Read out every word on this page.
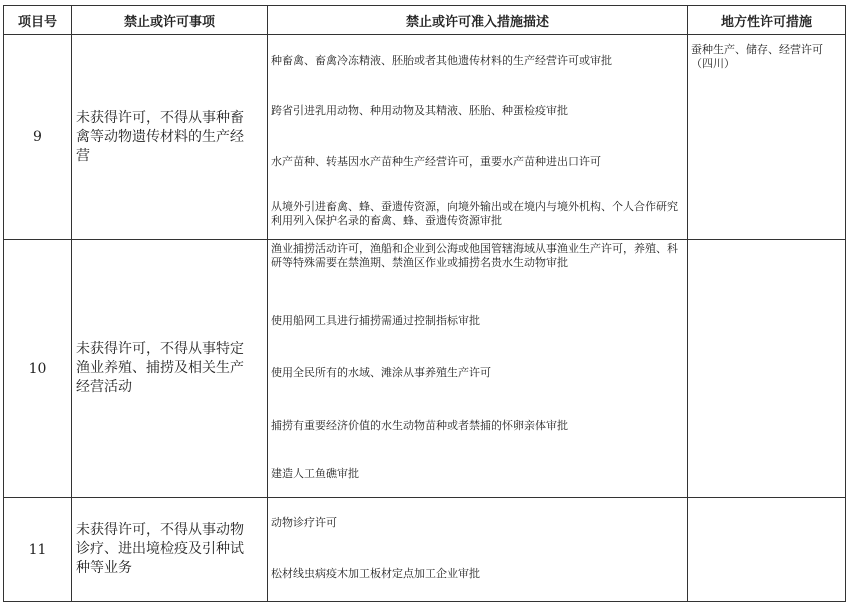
项目号	禁止或许可事项	禁止或许可准入措施描述	地方性许可措施
9	未获得许可，不得从事种畜禽等动物遗传材料的生产经营	种畜禽、畜禽冷冻精液、胚胎或者其他遗传材料的生产经营许可或审批
跨省引进乳用动物、种用动物及其精液、胚胎、种蛋检疫审批
水产苗种、转基因水产苗种生产经营许可，重要水产苗种进出口许可
从境外引进畜禽、蜂、蚕遗传资源，向境外输出或在境内与境外机构、个人合作研究利用列入保护名录的畜禽、蜂、蚕遗传资源审批	蚕种生产、储存、经营许可（四川）
10	未获得许可，不得从事特定渔业养殖、捕捞及相关生产经营活动	渔业捕捞活动许可，渔船和企业到公海或他国管辖海域从事渔业生产许可，养殖、科研等特殊需要在禁渔期、禁渔区作业或捕捞名贵水生动物审批
使用船网工具进行捕捞需通过控制指标审批
使用全民所有的水域、滩涂从事养殖生产许可
捕捞有重要经济价值的水生动物苗种或者禁捕的怀卵亲体审批
建造人工鱼礁审批	

11	未获得许可，不得从事动物诊疗、进出境检疫及引种试种等业务	动物诊疗许可
松材线虫病疫木加工板材定点加工企业审批	
